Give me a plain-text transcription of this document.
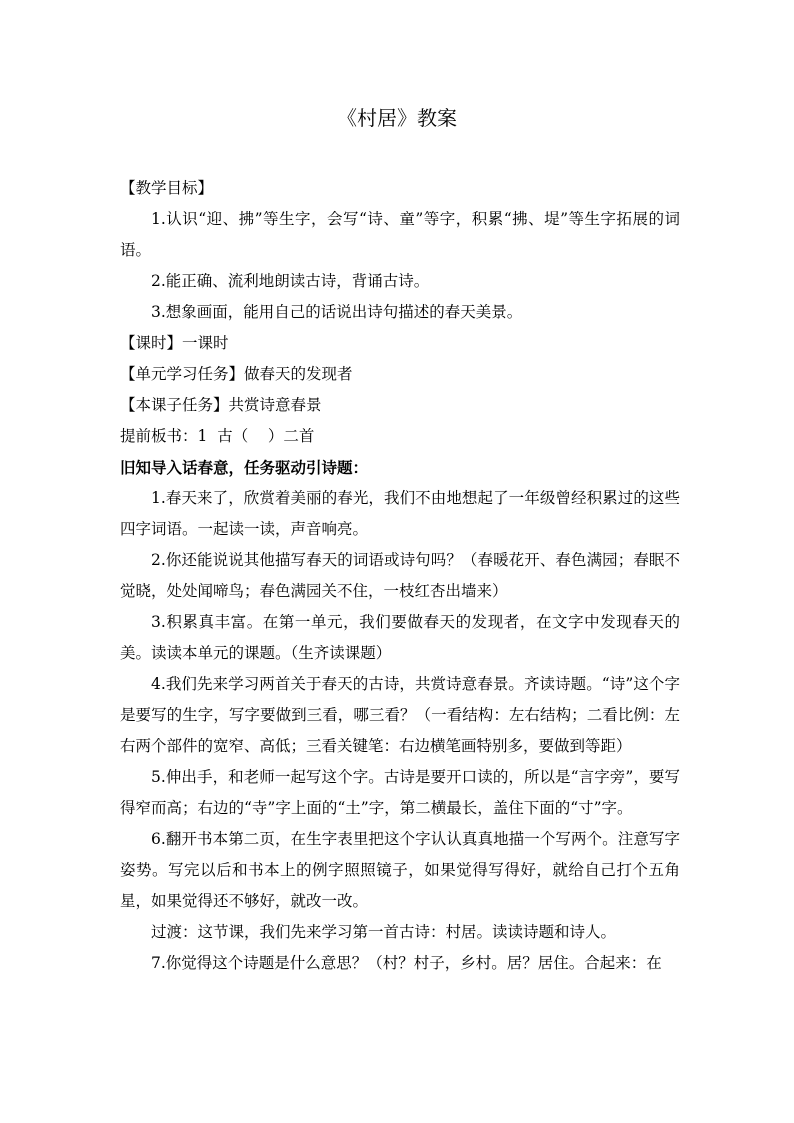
《村居》教案

【教学目标】

1.认识“迎、拂”等生字，会写“诗、童”等字，积累“拂、堤”等生字拓展的词语。

2.能正确、流利地朗读古诗，背诵古诗。

3.想象画面，能用自己的话说出诗句描述的春天美景。

【课时】一课时

【单元学习任务】做春天的发现者

【本课子任务】共赏诗意春景

提前板书：1  古（    ）二首

旧知导入话春意，任务驱动引诗题：

1.春天来了，欣赏着美丽的春光，我们不由地想起了一年级曾经积累过的这些四字词语。一起读一读，声音响亮。

2.你还能说说其他描写春天的词语或诗句吗？（春暖花开、春色满园；春眠不觉晓，处处闻啼鸟；春色满园关不住，一枝红杏出墙来）

3.积累真丰富。在第一单元，我们要做春天的发现者，在文字中发现春天的美。读读本单元的课题。（生齐读课题）

4.我们先来学习两首关于春天的古诗，共赏诗意春景。齐读诗题。“诗”这个字是要写的生字，写字要做到三看，哪三看？（一看结构：左右结构；二看比例：左右两个部件的宽窄、高低；三看关键笔：右边横笔画特别多，要做到等距）

5.伸出手，和老师一起写这个字。古诗是要开口读的，所以是“言字旁”，要写得窄而高；右边的“寺”字上面的“土”字，第二横最长，盖住下面的“寸”字。

6.翻开书本第二页，在生字表里把这个字认认真真地描一个写两个。注意写字姿势。写完以后和书本上的例字照照镜子，如果觉得写得好，就给自己打个五角星，如果觉得还不够好，就改一改。

过渡：这节课，我们先来学习第一首古诗：村居。读读诗题和诗人。

7.你觉得这个诗题是什么意思？（村？村子，乡村。居？居住。合起来：在
